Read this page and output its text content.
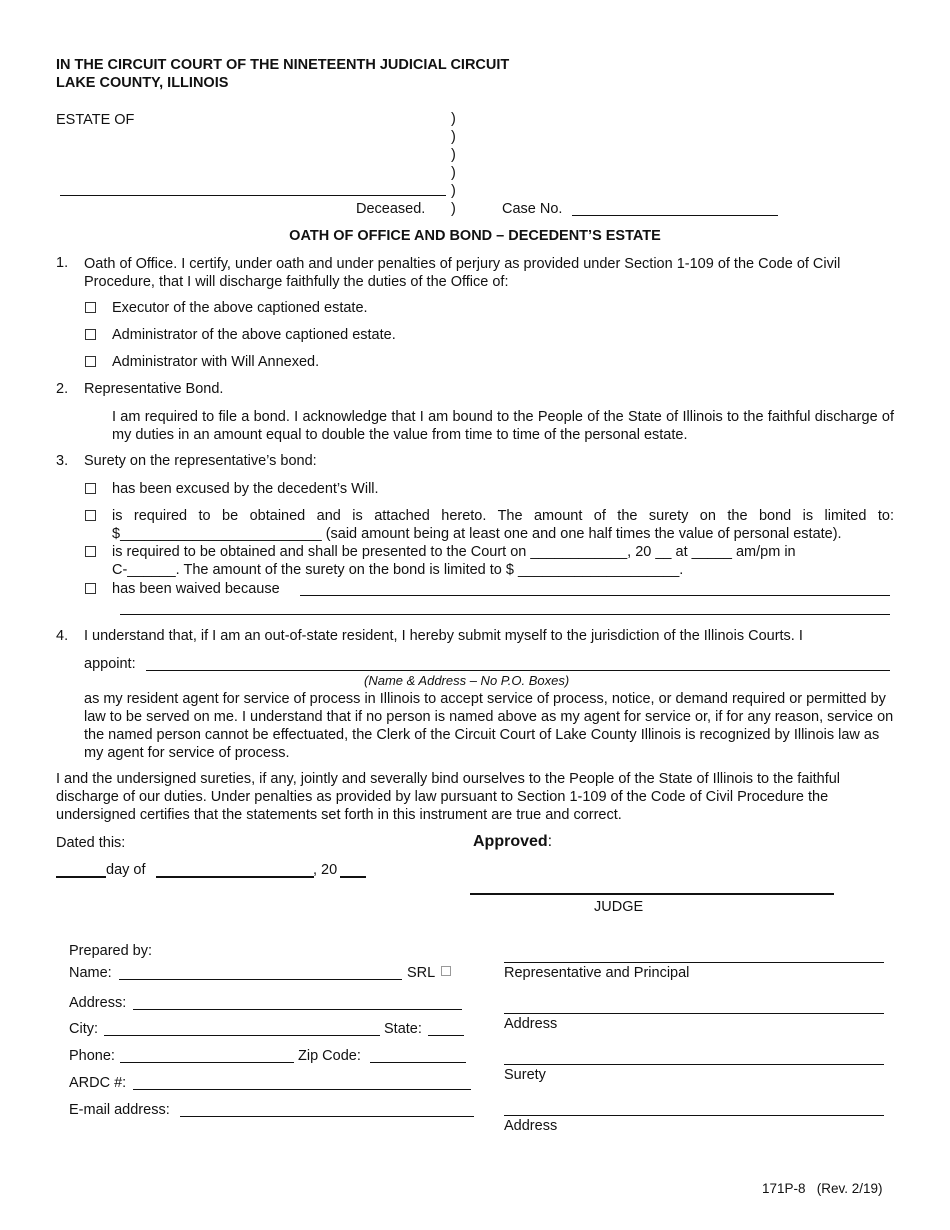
IN THE CIRCUIT COURT OF THE NINETEENTH JUDICIAL CIRCUIT
LAKE COUNTY, ILLINOIS
ESTATE OF	)
)
)
)
)
)
Deceased.	Case No.
OATH OF OFFICE AND BOND – DECEDENT’S ESTATE
1. Oath of Office. I certify, under oath and under penalties of perjury as provided under Section 1-109 of the Code of Civil Procedure, that I will discharge faithfully the duties of the Office of:
Executor of the above captioned estate.
Administrator of the above captioned estate.
Administrator with Will Annexed.
2. Representative Bond.
I am required to file a bond. I acknowledge that I am bound to the People of the State of Illinois to the faithful discharge of my duties in an amount equal to double the value from time to time of the personal estate.
3. Surety on the representative’s bond:
has been excused by the decedent’s Will.
is required to be obtained and is attached hereto. The amount of the surety on the bond is limited to:
$_________________________ (said amount being at least one and one half times the value of personal estate).
is required to be obtained and shall be presented to the Court on ____________, 20 __ at _____ am/pm in
C-______. The amount of the surety on the bond is limited to $ ____________________.
has been waived because
4. I understand that, if I am an out-of-state resident, I hereby submit myself to the jurisdiction of the Illinois Courts. I
appoint:
(Name & Address – No P.O. Boxes)
as my resident agent for service of process in Illinois to accept service of process, notice, or demand required or permitted by law to be served on me. I understand that if no person is named above as my agent for service or, if for any reason, service on the named person cannot be effectuated, the Clerk of the Circuit Court of Lake County Illinois is recognized by Illinois law as my agent for service of process.
I and the undersigned sureties, if any, jointly and severally bind ourselves to the People of the State of Illinois to the faithful discharge of our duties. Under penalties as provided by law pursuant to Section 1-109 of the Code of Civil Procedure the undersigned certifies that the statements set forth in this instrument are true and correct.
Dated this:
day of	, 20
Approved:
JUDGE
Prepared by:
Name:	SRL
Address:
City:	State:
Phone:	Zip Code:
ARDC #:
E-mail address:
Representative and Principal
Address
Surety
Address
171P-8   (Rev. 2/19)
